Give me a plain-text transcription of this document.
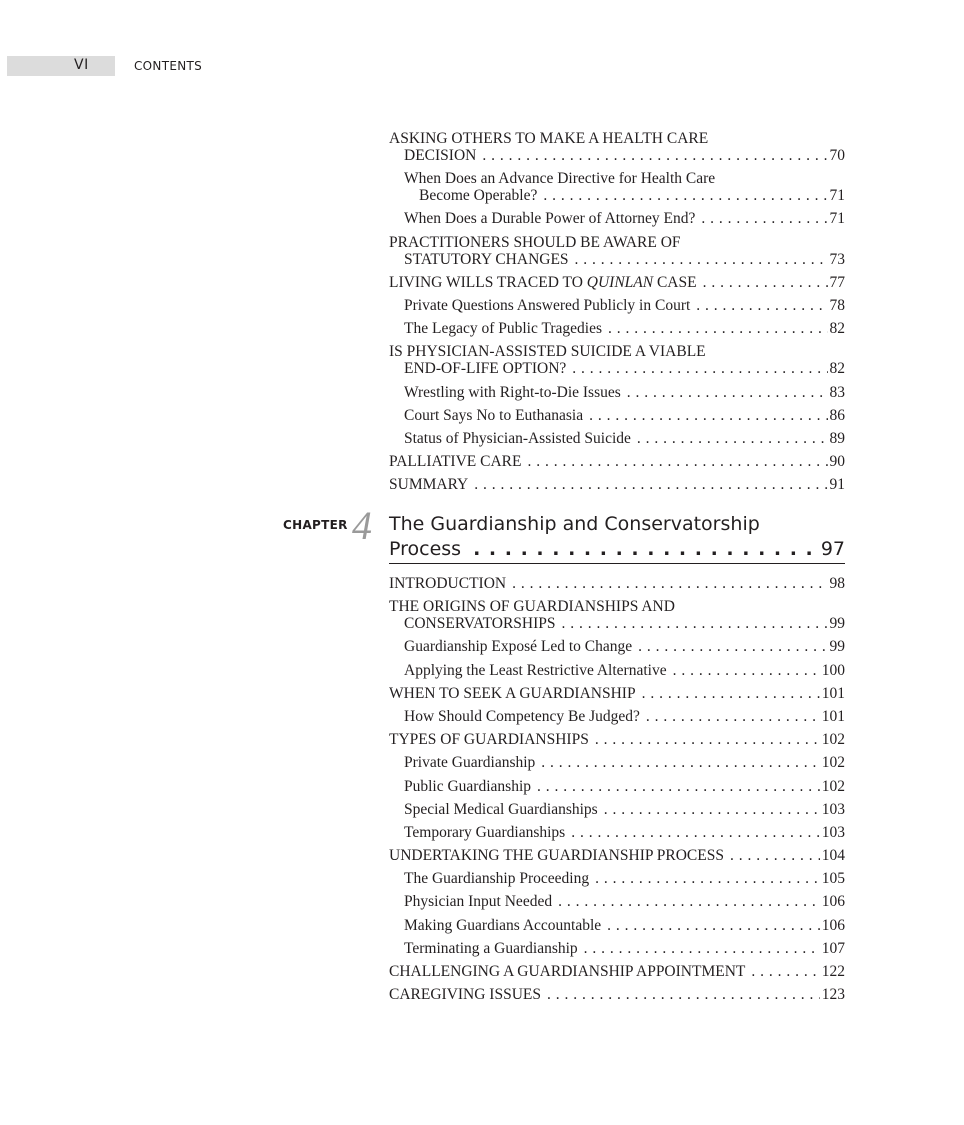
VI	CONTENTS
ASKING OTHERS TO MAKE A HEALTH CARE
DECISION . . .	70
When Does an Advance Directive for Health Care
Become Operable? . . .	71
When Does a Durable Power of Attorney End? . . .	71
PRACTITIONERS SHOULD BE AWARE OF
STATUTORY CHANGES . . .	73
LIVING WILLS TRACED TO QUINLAN CASE . . .	77
Private Questions Answered Publicly in Court . . .	78
The Legacy of Public Tragedies . . .	82
IS PHYSICIAN-ASSISTED SUICIDE A VIABLE
END-OF-LIFE OPTION? . . .	82
Wrestling with Right-to-Die Issues . . .	83
Court Says No to Euthanasia . . .	86
Status of Physician-Assisted Suicide . . .	89
PALLIATIVE CARE . . .	90
SUMMARY . . .	91
CHAPTER 4 The Guardianship and Conservatorship
Process . . .	97
INTRODUCTION . . .	98
THE ORIGINS OF GUARDIANSHIPS AND
CONSERVATORSHIPS . . .	99
Guardianship Exposé Led to Change . . .	99
Applying the Least Restrictive Alternative . . .	100
WHEN TO SEEK A GUARDIANSHIP . . .	101
How Should Competency Be Judged? . . .	101
TYPES OF GUARDIANSHIPS . . .	102
Private Guardianship . . .	102
Public Guardianship . . .	102
Special Medical Guardianships . . .	103
Temporary Guardianships . . .	103
UNDERTAKING THE GUARDIANSHIP PROCESS . . .	104
The Guardianship Proceeding . . .	105
Physician Input Needed . . .	106
Making Guardians Accountable . . .	106
Terminating a Guardianship . . .	107
CHALLENGING A GUARDIANSHIP APPOINTMENT . . .	122
CAREGIVING ISSUES . . .	123
